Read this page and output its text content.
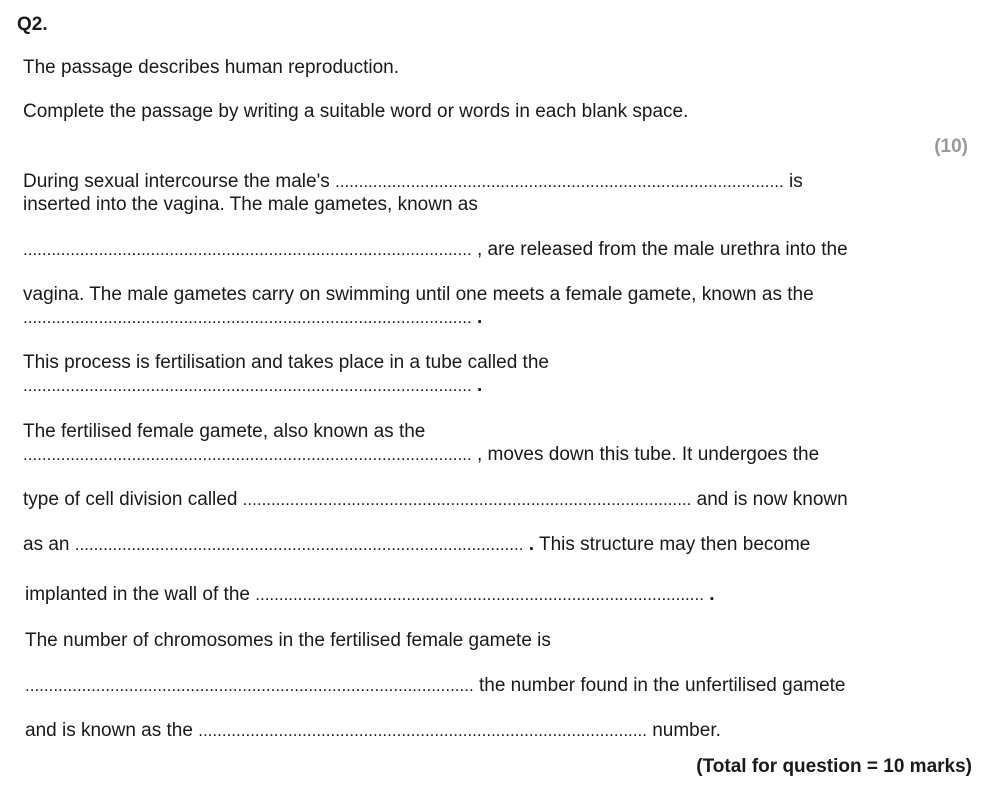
Q2.

The passage describes human reproduction.

Complete the passage by writing a suitable word or words in each blank space.

(10)

During sexual intercourse the male's ............................................................................................... is

inserted into the vagina. The male gametes, known as

............................................................................................... , are released from the male urethra into the

vagina. The male gametes carry on swimming until one meets a female gamete, known as the

............................................................................................... .

This process is fertilisation and takes place in a tube called the

............................................................................................... .

The fertilised female gamete, also known as the

............................................................................................... , moves down this tube. It undergoes the

type of cell division called ............................................................................................... and is now known

as an ............................................................................................... . This structure may then become

implanted in the wall of the ............................................................................................... .

The number of chromosomes in the fertilised female gamete is

............................................................................................... the number found in the unfertilised gamete

and is known as the ............................................................................................... number.

(Total for question = 10 marks)
